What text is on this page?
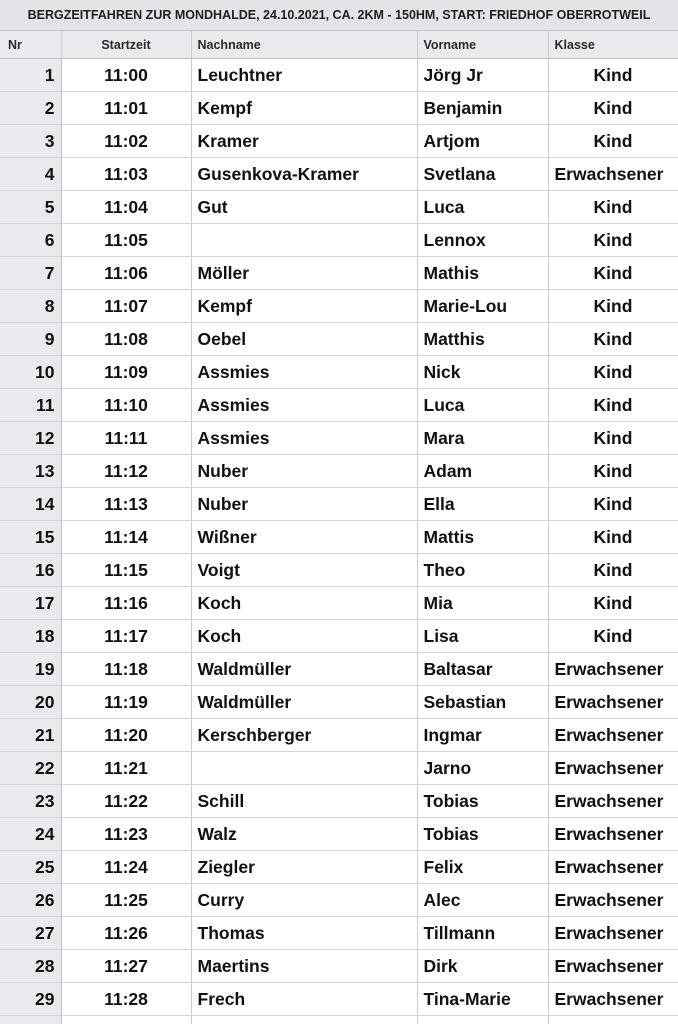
BERGZEITFAHREN ZUR MONDHALDE, 24.10.2021, CA. 2KM - 150HM, START: FRIEDHOF OBERROTWEIL
Nr	Startzeit	Nachname	Vorname	Klasse
1	11:00	Leuchtner	Jörg Jr	Kind
2	11:01	Kempf	Benjamin	Kind
3	11:02	Kramer	Artjom	Kind
4	11:03	Gusenkova-Kramer	Svetlana	Erwachsener
5	11:04	Gut	Luca	Kind
6	11:05		Lennox	Kind
7	11:06	Möller	Mathis	Kind
8	11:07	Kempf	Marie-Lou	Kind
9	11:08	Oebel	Matthis	Kind
10	11:09	Assmies	Nick	Kind
11	11:10	Assmies	Luca	Kind
12	11:11	Assmies	Mara	Kind
13	11:12	Nuber	Adam	Kind
14	11:13	Nuber	Ella	Kind
15	11:14	Wißner	Mattis	Kind
16	11:15	Voigt	Theo	Kind
17	11:16	Koch	Mia	Kind
18	11:17	Koch	Lisa	Kind
19	11:18	Waldmüller	Baltasar	Erwachsener
20	11:19	Waldmüller	Sebastian	Erwachsener
21	11:20	Kerschberger	Ingmar	Erwachsener
22	11:21		Jarno	Erwachsener
23	11:22	Schill	Tobias	Erwachsener
24	11:23	Walz	Tobias	Erwachsener
25	11:24	Ziegler	Felix	Erwachsener
26	11:25	Curry	Alec	Erwachsener
27	11:26	Thomas	Tillmann	Erwachsener
28	11:27	Maertins	Dirk	Erwachsener
29	11:28	Frech	Tina-Marie	Erwachsener
